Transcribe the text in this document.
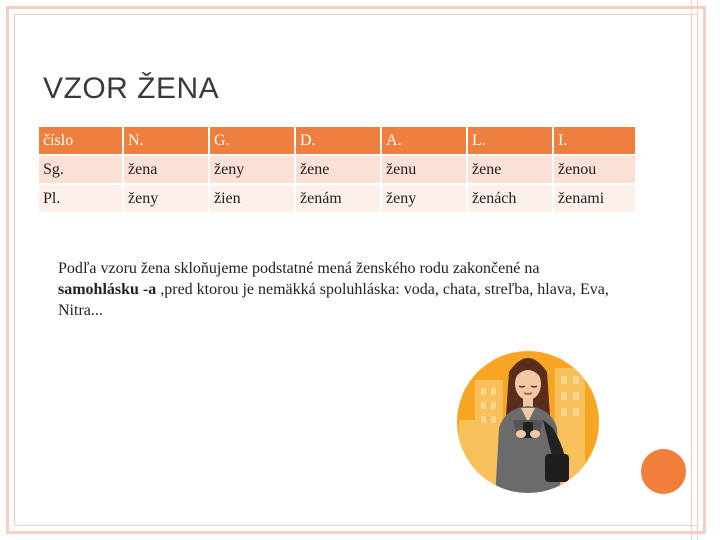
VZOR ŽENA
číslo	N.	G.	D.	A.	L.	I.
Sg.	žena	ženy	žene	ženu	žene	ženou
Pl.	ženy	žien	ženám	ženy	ženách	ženami
Podľa vzoru žena skloňujeme podstatné mená ženského rodu zakončené na samohlásku -a ,pred ktorou je nemäkká spoluhláska: voda, chata, streľba, hlava, Eva, Nitra...
